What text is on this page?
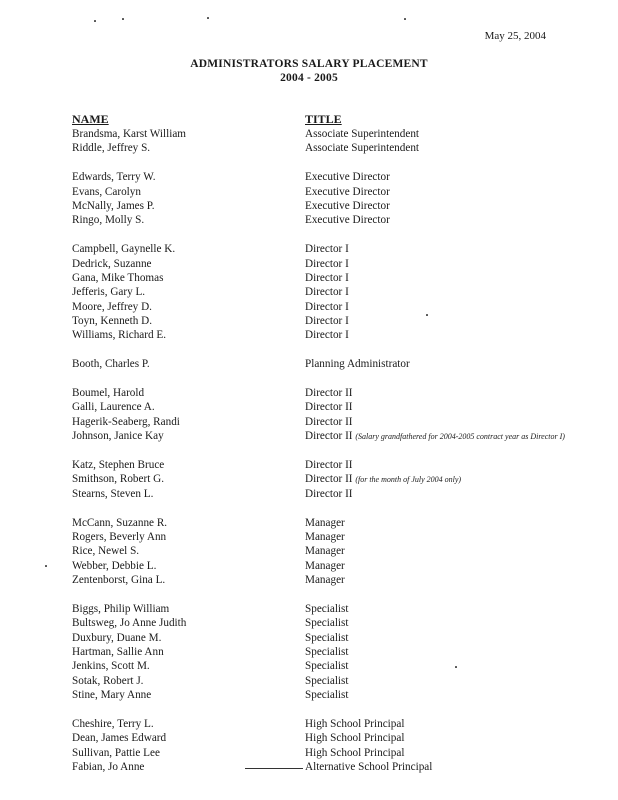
May 25, 2004
ADMINISTRATORS SALARY PLACEMENT
2004 - 2005
NAME	TITLE
Brandsma, Karst William	Associate Superintendent
Riddle, Jeffrey S.	Associate Superintendent
Edwards, Terry W.	Executive Director
Evans, Carolyn	Executive Director
McNally, James P.	Executive Director
Ringo, Molly S.	Executive Director
Campbell, Gaynelle K.	Director I
Dedrick, Suzanne	Director I
Gana, Mike Thomas	Director I
Jefferis, Gary L.	Director I
Moore, Jeffrey D.	Director I
Toyn, Kenneth D.	Director I
Williams, Richard E.	Director I
Booth, Charles P.	Planning Administrator
Boumel, Harold	Director II
Galli, Laurence A.	Director II
Hagerik-Seaberg, Randi	Director II
Johnson, Janice Kay	Director II (Salary grandfathered for 2004-2005 contract year as Director I)
Katz, Stephen Bruce	Director II
Smithson, Robert G.	Director II (for the month of July 2004 only)
Stearns, Steven L.	Director II
McCann, Suzanne R.	Manager
Rogers, Beverly Ann	Manager
Rice, Newel S.	Manager
Webber, Debbie L.	Manager
Zentenborst, Gina L.	Manager
Biggs, Philip William	Specialist
Bultsweg, Jo Anne Judith	Specialist
Duxbury, Duane M.	Specialist
Hartman, Sallie Ann	Specialist
Jenkins, Scott M.	Specialist
Sotak, Robert J.	Specialist
Stine, Mary Anne	Specialist
Cheshire, Terry L.	High School Principal
Dean, James Edward	High School Principal
Sullivan, Pattie Lee	High School Principal
Fabian, Jo Anne	Alternative School Principal
